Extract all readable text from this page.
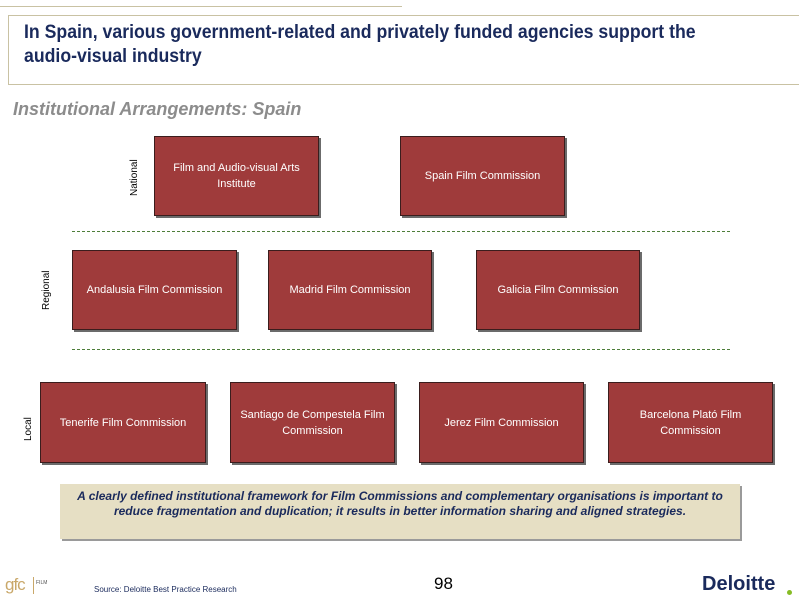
In Spain, various government-related and privately funded agencies support the audio-visual industry
Institutional Arrangements: Spain
National
Regional
Local
Film and Audio-visual Arts Institute
Spain Film Commission
Andalusia Film Commission	Madrid Film Commission	Galicia Film Commission
Tenerife Film Commission
Santiago de Compestela Film Commission
Jerez Film Commission
Barcelona Plató Film Commission
A clearly defined institutional framework for Film Commissions and complementary organisations is important to reduce fragmentation and duplication; it results in better information sharing and aligned strategies.
gfc FILM
Source: Deloitte Best Practice Research	98	Deloitte
